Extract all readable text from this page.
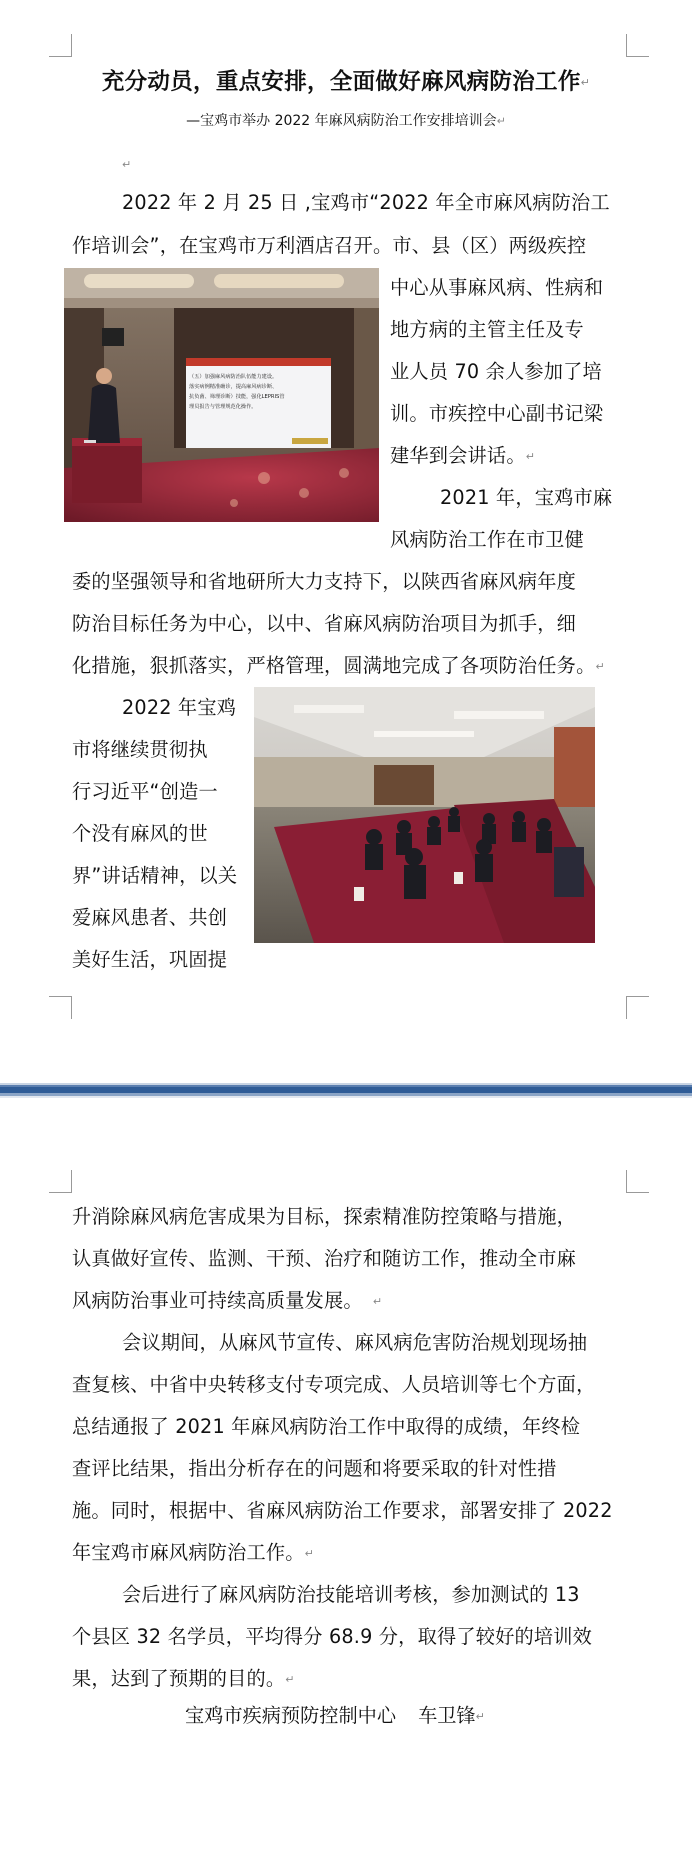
充分动员，重点安排，全面做好麻风病防治工作↵
—宝鸡市举办 2022 年麻风病防治工作安排培训会↵
↵
2022 年 2 月 25 日 ,宝鸡市“2022 年全市麻风病防治工
作培训会”，在宝鸡市万利酒店召开。市、县（区）两级疾控
中心从事麻风病、性病和
地方病的主管主任及专
业人员 70 余人参加了培
训。市疾控中心副书记梁
建华到会讲话。↵
2021 年，宝鸡市麻
风病防治工作在市卫健
委的坚强领导和省地研所大力支持下，以陕西省麻风病年度
防治目标任务为中心，以中、省麻风病防治项目为抓手，细
化措施，狠抓落实，严格管理，圆满地完成了各项防治任务。↵
2022 年宝鸡
市将继续贯彻执
行习近平“创造一
个没有麻风的世
界”讲话精神，以关
爱麻风患者、共创
美好生活，巩固提
（五）加强麻风病防治队伍能力建设。
落实病例精准确诊，提高麻风病诊断、
抗负菌、筛理诊断）技能，强化LEPRIS管
理员报告与管理规范化操作。
升消除麻风病危害成果为目标，探索精准防控策略与措施，
认真做好宣传、监测、干预、治疗和随访工作，推动全市麻
风病防治事业可持续高质量发展。 ↵
会议期间，从麻风节宣传、麻风病危害防治规划现场抽
查复核、中省中央转移支付专项完成、人员培训等七个方面，
总结通报了 2021 年麻风病防治工作中取得的成绩，年终检
查评比结果，指出分析存在的问题和将要采取的针对性措
施。同时，根据中、省麻风病防治工作要求，部署安排了 2022
年宝鸡市麻风病防治工作。↵
会后进行了麻风病防治技能培训考核，参加测试的 13
个县区 32 名学员，平均得分 68.9 分，取得了较好的培训效
果，达到了预期的目的。↵
宝鸡市疾病预防控制中心 车卫锋↵
